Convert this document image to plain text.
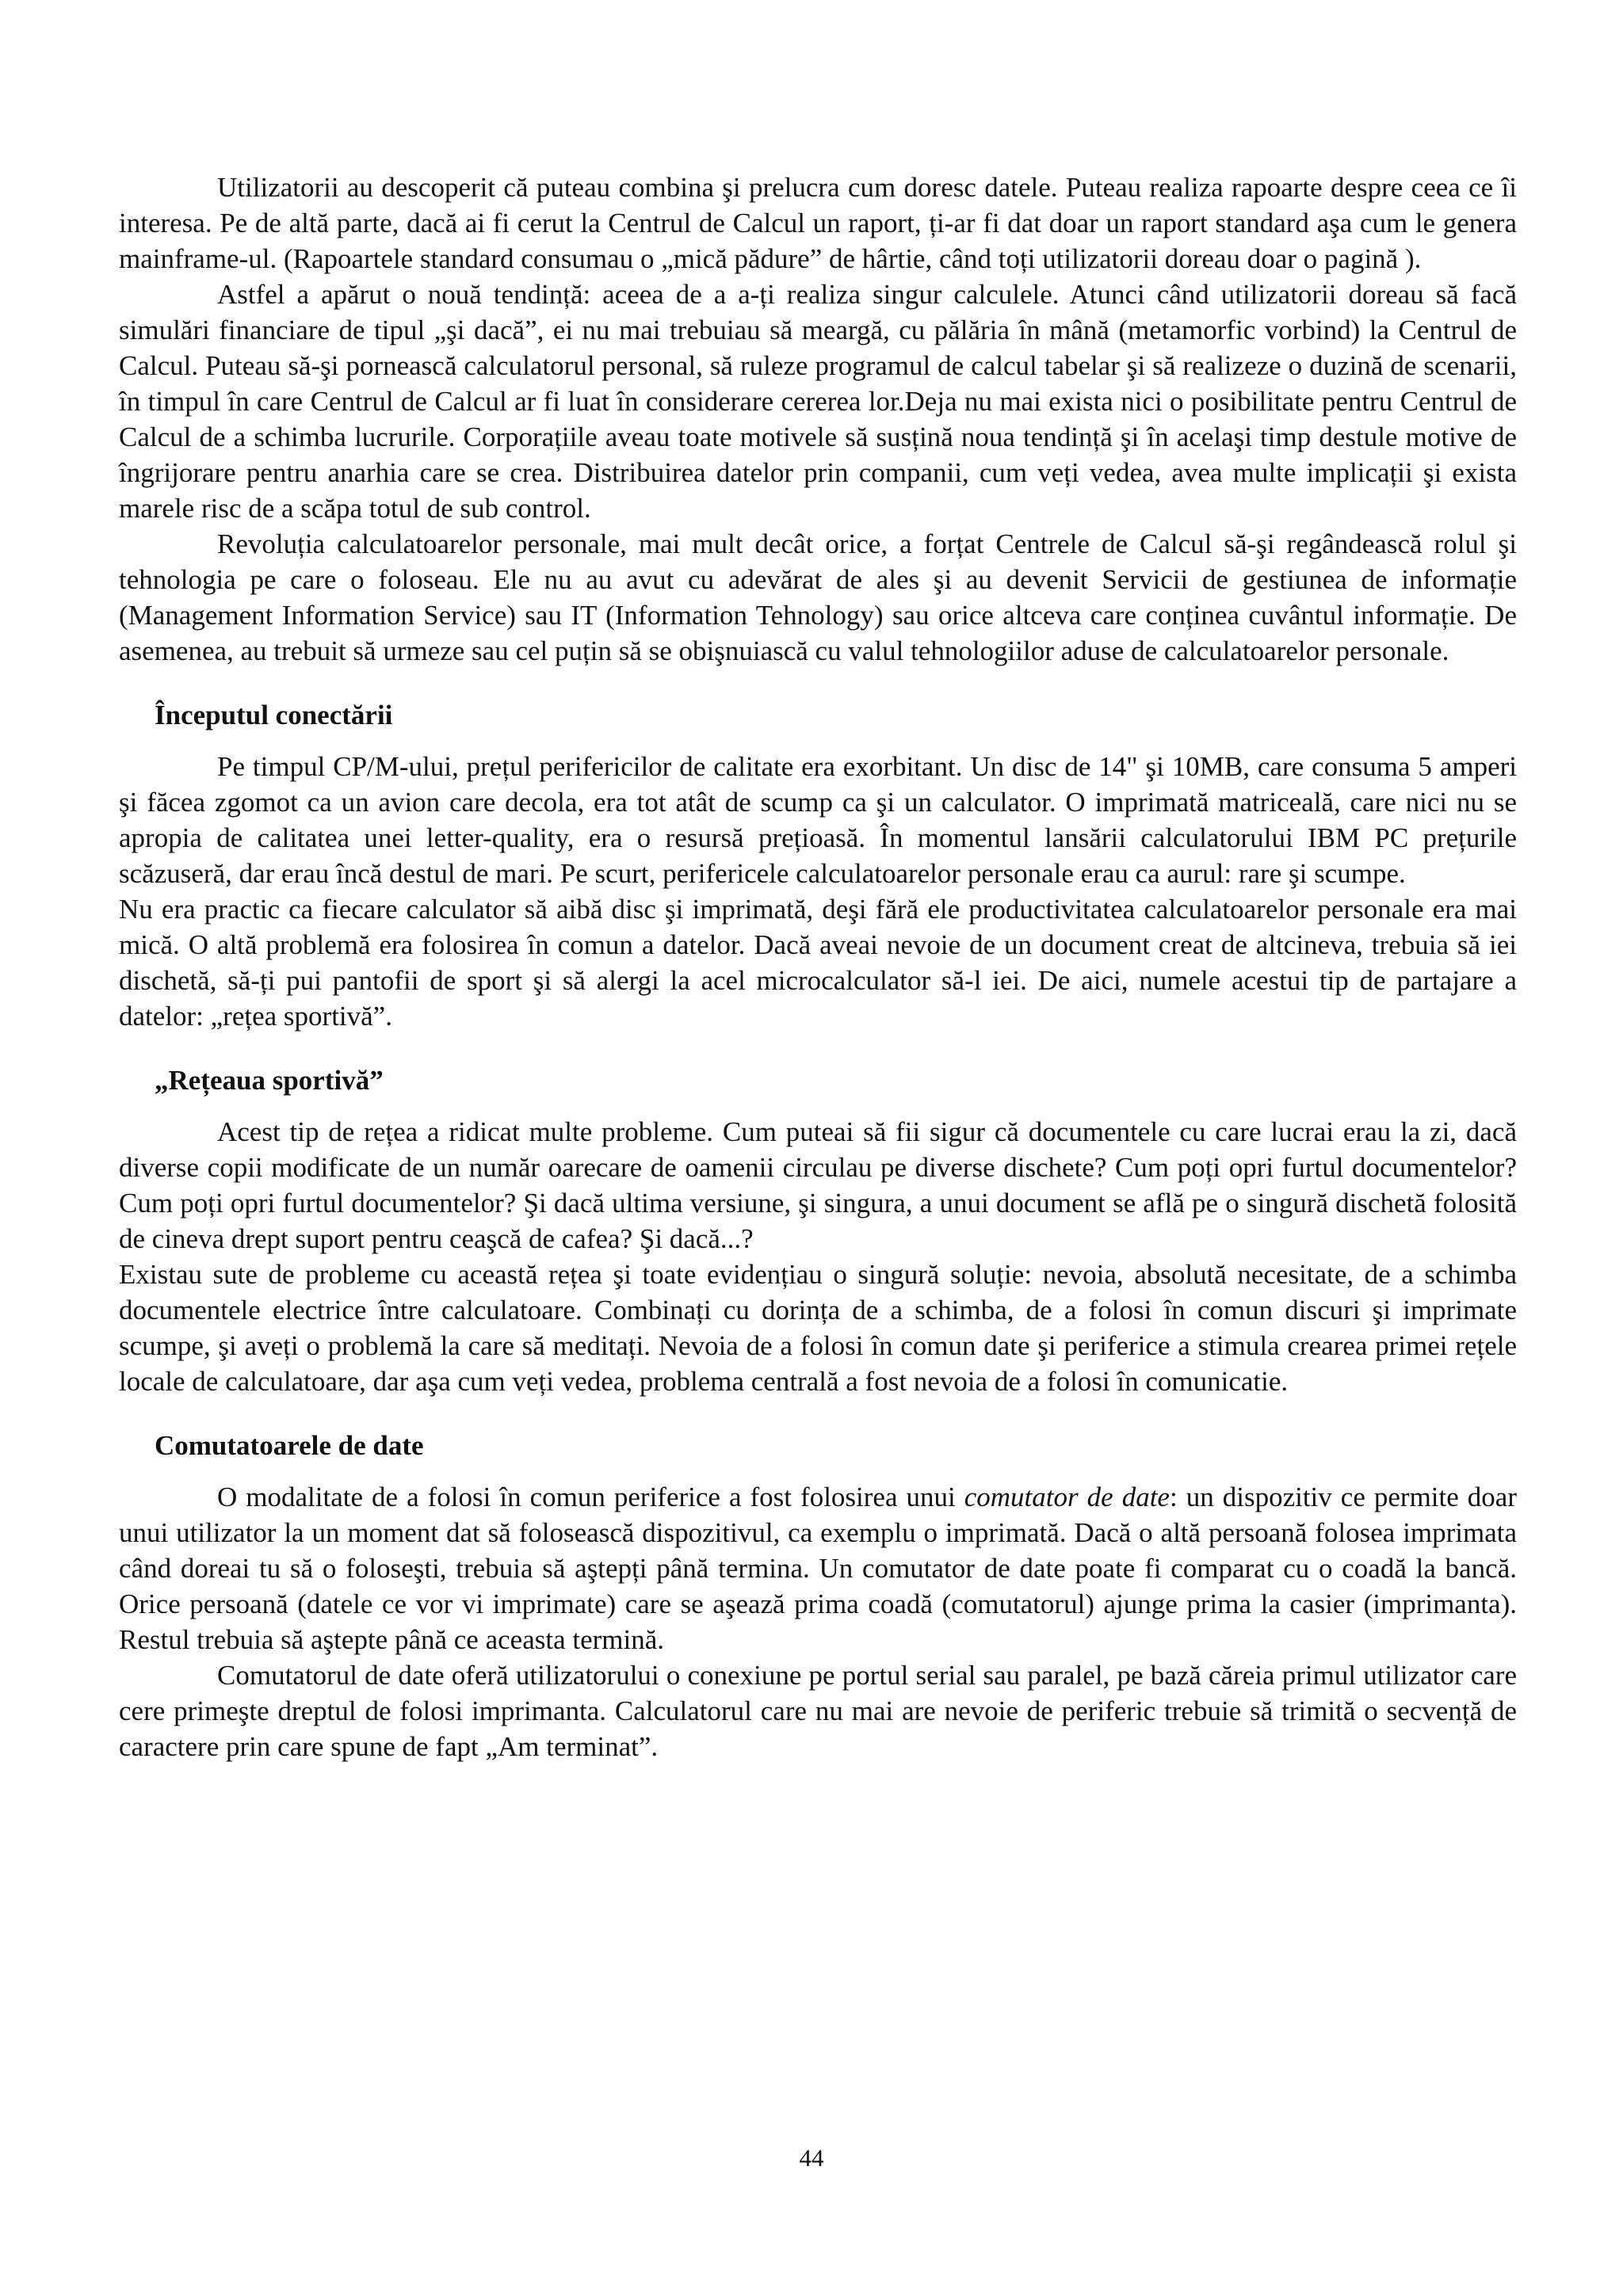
Utilizatorii au descoperit că puteau combina şi prelucra cum doresc datele. Puteau realiza rapoarte despre ceea ce îi interesa. Pe de altă parte, dacă ai fi cerut la Centrul de Calcul un raport, ți-ar fi dat doar un raport standard aşa cum le genera mainframe-ul. (Rapoartele standard consumau o „mică pădure” de hârtie, când toți utilizatorii doreau doar o pagină ).

Astfel a apărut o nouă tendință: aceea de a a-ți realiza singur calculele. Atunci când utilizatorii doreau să facă simulări financiare de tipul „şi dacă”, ei nu mai trebuiau să meargă, cu pălăria în mână (metamorfic vorbind) la Centrul de Calcul. Puteau să-şi pornească calculatorul personal, să ruleze programul de calcul tabelar şi să realizeze o duzină de scenarii, în timpul în care Centrul de Calcul ar fi luat în considerare cererea lor.Deja nu mai exista nici o posibilitate pentru Centrul de Calcul de a schimba lucrurile. Corporațiile aveau toate motivele să susțină noua tendință şi în acelaşi timp destule motive de îngrijorare pentru anarhia care se crea. Distribuirea datelor prin companii, cum veți vedea, avea multe implicații şi exista marele risc de a scăpa totul de sub control.

Revoluția calculatoarelor personale, mai mult decât orice, a forțat Centrele de Calcul să-şi regândească rolul şi tehnologia pe care o foloseau. Ele nu au avut cu adevărat de ales şi au devenit Servicii de gestiunea de informație (Management Information Service) sau IT (Information Tehnology) sau orice altceva care conținea cuvântul informație. De asemenea, au trebuit să urmeze sau cel puțin să se obişnuiască cu valul tehnologiilor aduse de calculatoarelor personale.

Începutul conectării

Pe timpul CP/M-ului, prețul perifericilor de calitate era exorbitant. Un disc de 14" şi 10MB, care consuma 5 amperi şi făcea zgomot ca un avion care decola, era tot atât de scump ca şi un calculator. O imprimată matriceală, care nici nu se apropia de calitatea unei letter-quality, era o resursă prețioasă. În momentul lansării calculatorului IBM PC prețurile scăzuseră, dar erau încă destul de mari. Pe scurt, perifericele calculatoarelor personale erau ca aurul: rare şi scumpe.

Nu era practic ca fiecare calculator să aibă disc şi imprimată, deşi fără ele productivitatea calculatoarelor personale era mai mică. O altă problemă era folosirea în comun a datelor. Dacă aveai nevoie de un document creat de altcineva, trebuia să iei dischetă, să-ți pui pantofii de sport şi să alergi la acel microcalculator să-l iei. De aici, numele acestui tip de partajare a datelor: „rețea sportivă”.

„Rețeaua sportivă”

Acest tip de rețea a ridicat multe probleme. Cum puteai să fii sigur că documentele cu care lucrai erau la zi, dacă diverse copii modificate de un număr oarecare de oamenii circulau pe diverse dischete? Cum poți opri furtul documentelor? Cum poți opri furtul documentelor? Şi dacă ultima versiune, şi singura, a unui document se află pe o singură dischetă folosită de cineva drept suport pentru ceaşcă de cafea? Şi dacă...?

Existau sute de probleme cu această rețea şi toate evidențiau o singură soluție: nevoia, absolută necesitate, de a schimba documentele electrice între calculatoare. Combinați cu dorința de a schimba, de a folosi în comun discuri şi imprimate scumpe, şi aveți o problemă la care să meditați. Nevoia de a folosi în comun date şi periferice a stimula crearea primei rețele locale de calculatoare, dar aşa cum veți vedea, problema centrală a fost nevoia de a folosi în comunicatie.

Comutatoarele de date

O modalitate de a folosi în comun periferice a fost folosirea unui comutator de date: un dispozitiv ce permite doar unui utilizator la un moment dat să folosească dispozitivul, ca exemplu o imprimată. Dacă o altă persoană folosea imprimata când doreai tu să o foloseşti, trebuia să aştepți până termina. Un comutator de date poate fi comparat cu o coadă la bancă. Orice persoană (datele ce vor vi imprimate) care se aşează prima coadă (comutatorul) ajunge prima la casier (imprimanta). Restul trebuia să aştepte până ce aceasta termină.

Comutatorul de date oferă utilizatorului o conexiune pe portul serial sau paralel, pe bază căreia primul utilizator care cere primeşte dreptul de folosi imprimanta. Calculatorul care nu mai are nevoie de periferic trebuie să trimită o secvență de caractere prin care spune de fapt „Am terminat”.

44
